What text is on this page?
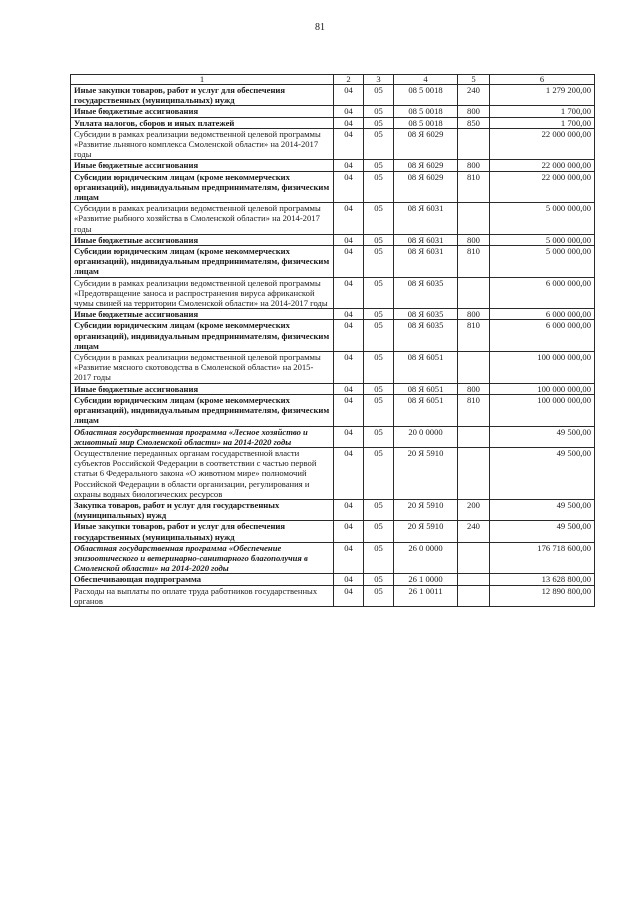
81
1	2	3	4	5	6
Иные закупки товаров, работ и услуг для обеспечения государственных (муниципальных) нужд	04	05	08 5 0018	240	1 279 200,00
Иные бюджетные ассигнования	04	05	08 5 0018	800	1 700,00
Уплата налогов, сборов и иных платежей	04	05	08 5 0018	850	1 700,00
Субсидии в рамках реализации ведомственной целевой программы «Развитие льняного комплекса Смоленской области» на 2014-2017 годы	04	05	08 Я 6029		22 000 000,00
Иные бюджетные ассигнования	04	05	08 Я 6029	800	22 000 000,00
Субсидии юридическим лицам (кроме некоммерческих организаций), индивидуальным предпринимателям, физическим лицам	04	05	08 Я 6029	810	22 000 000,00
Субсидии в рамках реализации ведомственной целевой программы «Развитие рыбного хозяйства в Смоленской области» на 2014-2017 годы	04	05	08 Я 6031		5 000 000,00
Иные бюджетные ассигнования	04	05	08 Я 6031	800	5 000 000,00
Субсидии юридическим лицам (кроме некоммерческих организаций), индивидуальным предпринимателям, физическим лицам	04	05	08 Я 6031	810	5 000 000,00
Субсидии в рамках реализации ведомственной целевой программы «Предотвращение заноса и распространения вируса африканской чумы свиней на территории Смоленской области» на 2014-2017 годы	04	05	08 Я 6035		6 000 000,00
Иные бюджетные ассигнования	04	05	08 Я 6035	800	6 000 000,00
Субсидии юридическим лицам (кроме некоммерческих организаций), индивидуальным предпринимателям, физическим лицам	04	05	08 Я 6035	810	6 000 000,00
Субсидии в рамках реализации ведомственной целевой программы «Развитие мясного скотоводства в Смоленской области» на 2015-2017 годы	04	05	08 Я 6051		100 000 000,00
Иные бюджетные ассигнования	04	05	08 Я 6051	800	100 000 000,00
Субсидии юридическим лицам (кроме некоммерческих организаций), индивидуальным предпринимателям, физическим лицам	04	05	08 Я 6051	810	100 000 000,00
Областная государственная программа «Лесное хозяйство и животный мир Смоленской области» на 2014-2020 годы	04	05	20 0 0000		49 500,00
Осуществление переданных органам государственной власти субъектов Российской Федерации в соответствии с частью первой статьи 6 Федерального закона «О животном мире» полномочий Российской Федерации в области организации, регулирования и охраны водных биологических ресурсов	04	05	20 Я 5910		49 500,00
Закупка товаров, работ и услуг для государственных (муниципальных) нужд	04	05	20 Я 5910	200	49 500,00
Иные закупки товаров, работ и услуг для обеспечения государственных (муниципальных) нужд	04	05	20 Я 5910	240	49 500,00
Областная государственная программа «Обеспечение эпизоотического и ветеринарно-санитарного благополучия в Смоленской области» на 2014-2020 годы	04	05	26 0 0000		176 718 600,00
Обеспечивающая подпрограмма	04	05	26 1 0000		13 628 800,00
Расходы на выплаты по оплате труда работников государственных органов	04	05	26 1 0011		12 890 800,00
